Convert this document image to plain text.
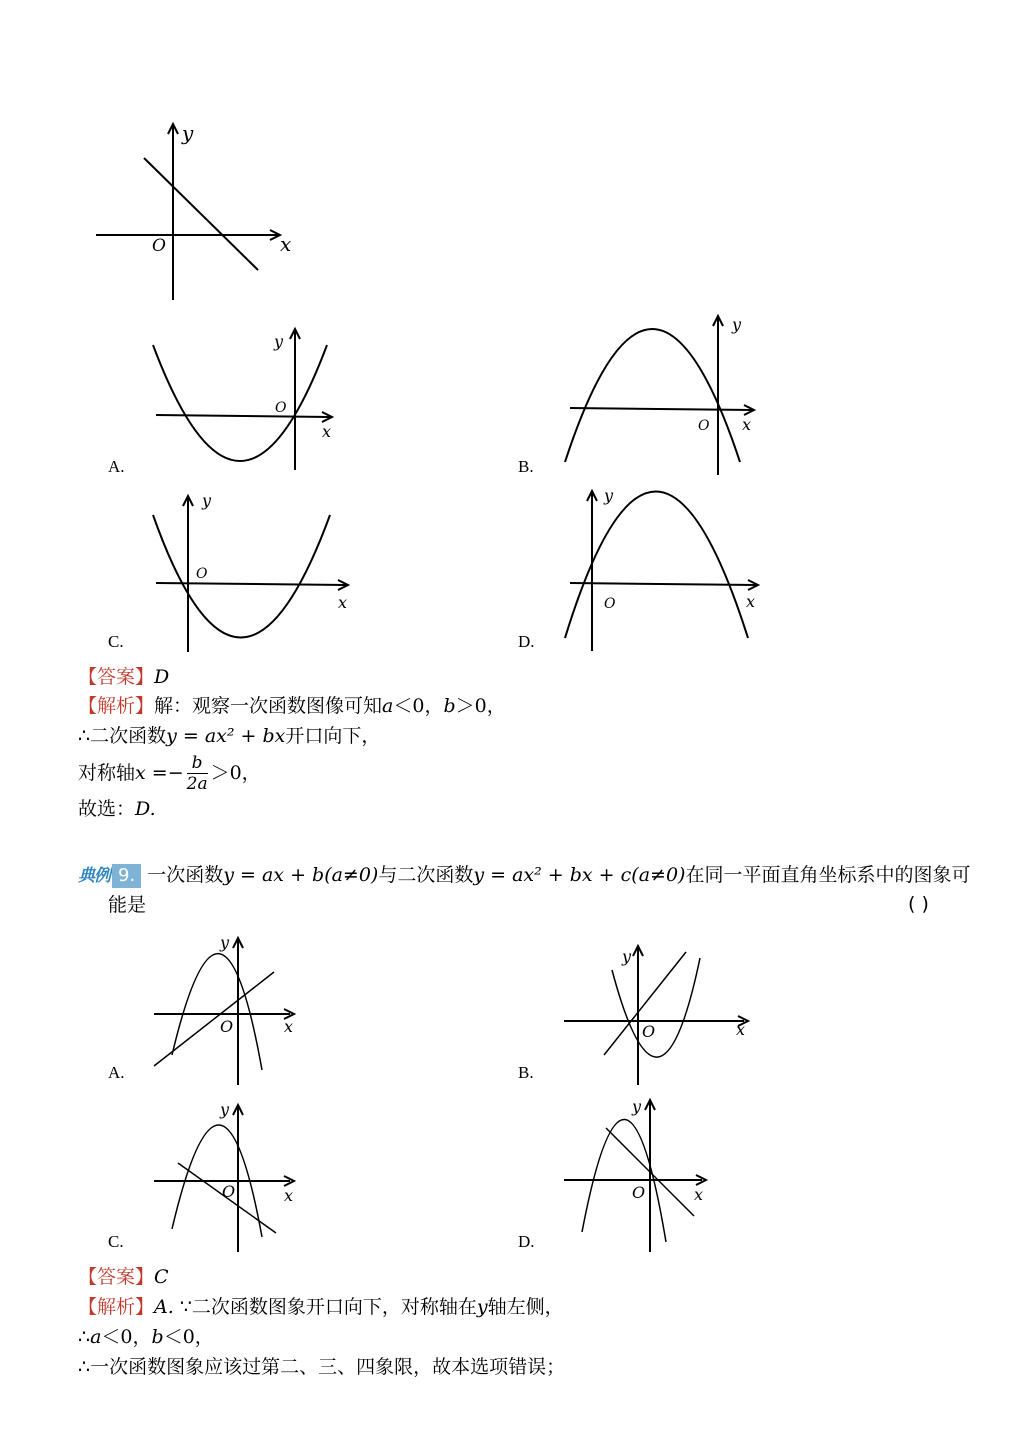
y
x
O
y
x
O
A.
y
x
O
B.
y
x
O
C.
y
x
O
D.
【答案】D
【解析】解：观察一次函数图像可知a＜0，b＞0，
∴二次函数y = ax² + bx开口向下，
对称轴$x =- \frac{b}{2a} >0$，
故选：D.
典例 9. 一次函数y = ax + b(a≠0)与二次函数y = ax² + bx + c(a≠0)在同一平面直角坐标系中的图象可
能是	( )
y
x
O
A.
y
x
O
B.
y
x
O
C.
y
x
O
D.
【答案】C
【解析】A. ∵二次函数图象开口向下，对称轴在y轴左侧，
∴a＜0，b＜0，
∴一次函数图象应该过第二、三、四象限，故本选项错误；
